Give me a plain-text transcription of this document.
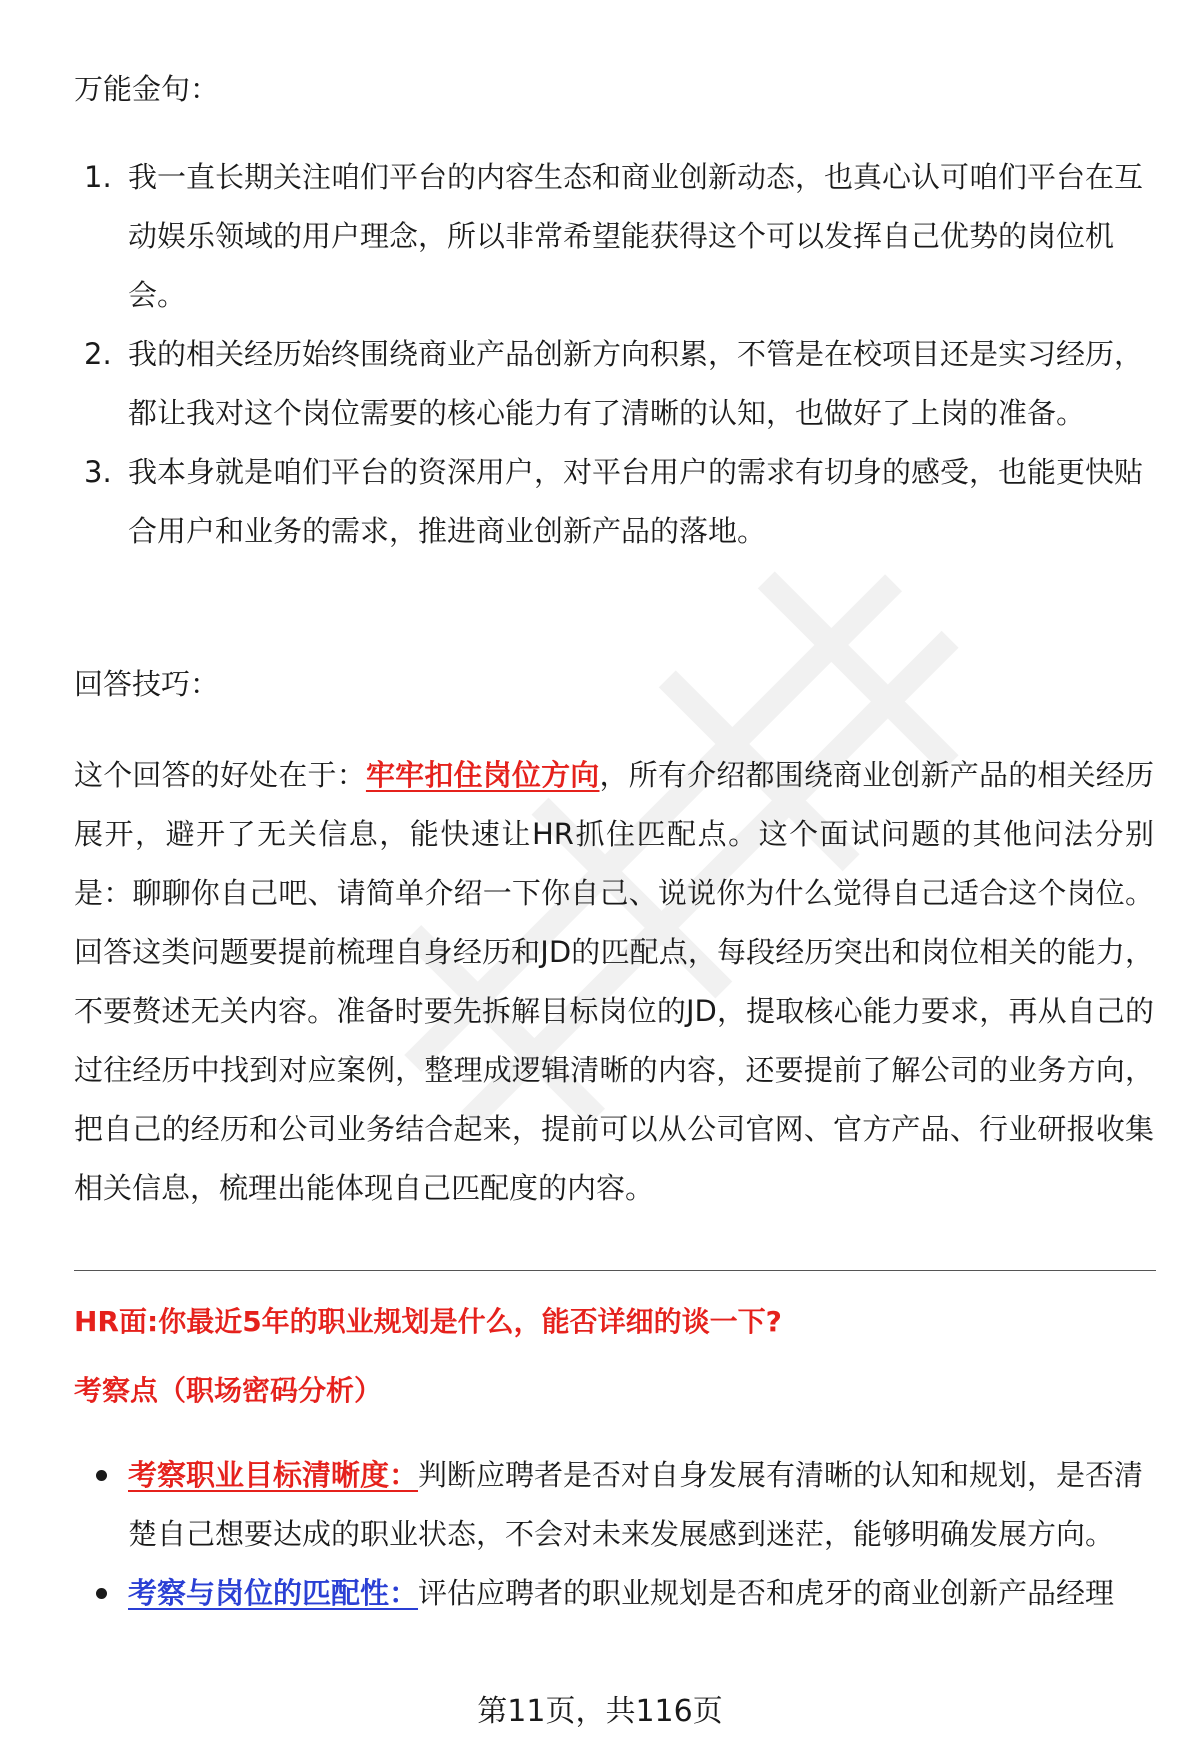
万能金句：
1. 我一直长期关注咱们平台的内容生态和商业创新动态，也真心认可咱们平台在互动娱乐领域的用户理念，所以非常希望能获得这个可以发挥自己优势的岗位机会。
2. 我的相关经历始终围绕商业产品创新方向积累，不管是在校项目还是实习经历，都让我对这个岗位需要的核心能力有了清晰的认知，也做好了上岗的准备。
3. 我本身就是咱们平台的资深用户，对平台用户的需求有切身的感受，也能更快贴合用户和业务的需求，推进商业创新产品的落地。
回答技巧：
这个回答的好处在于：牢牢扣住岗位方向，所有介绍都围绕商业创新产品的相关经历展开，避开了无关信息，能快速让HR抓住匹配点。这个面试问题的其他问法分别是：聊聊你自己吧、请简单介绍一下你自己、说说你为什么觉得自己适合这个岗位。回答这类问题要提前梳理自身经历和JD的匹配点，每段经历突出和岗位相关的能力，不要赘述无关内容。准备时要先拆解目标岗位的JD，提取核心能力要求，再从自己的过往经历中找到对应案例，整理成逻辑清晰的内容，还要提前了解公司的业务方向，把自己的经历和公司业务结合起来，提前可以从公司官网、官方产品、行业研报收集相关信息，梳理出能体现自己匹配度的内容。
HR面:你最近5年的职业规划是什么，能否详细的谈一下?
考察点（职场密码分析）
考察职业目标清晰度：判断应聘者是否对自身发展有清晰的认知和规划，是否清楚自己想要达成的职业状态，不会对未来发展感到迷茫，能够明确发展方向。
考察与岗位的匹配性：评估应聘者的职业规划是否和虎牙的商业创新产品经理
第11页，共116页
